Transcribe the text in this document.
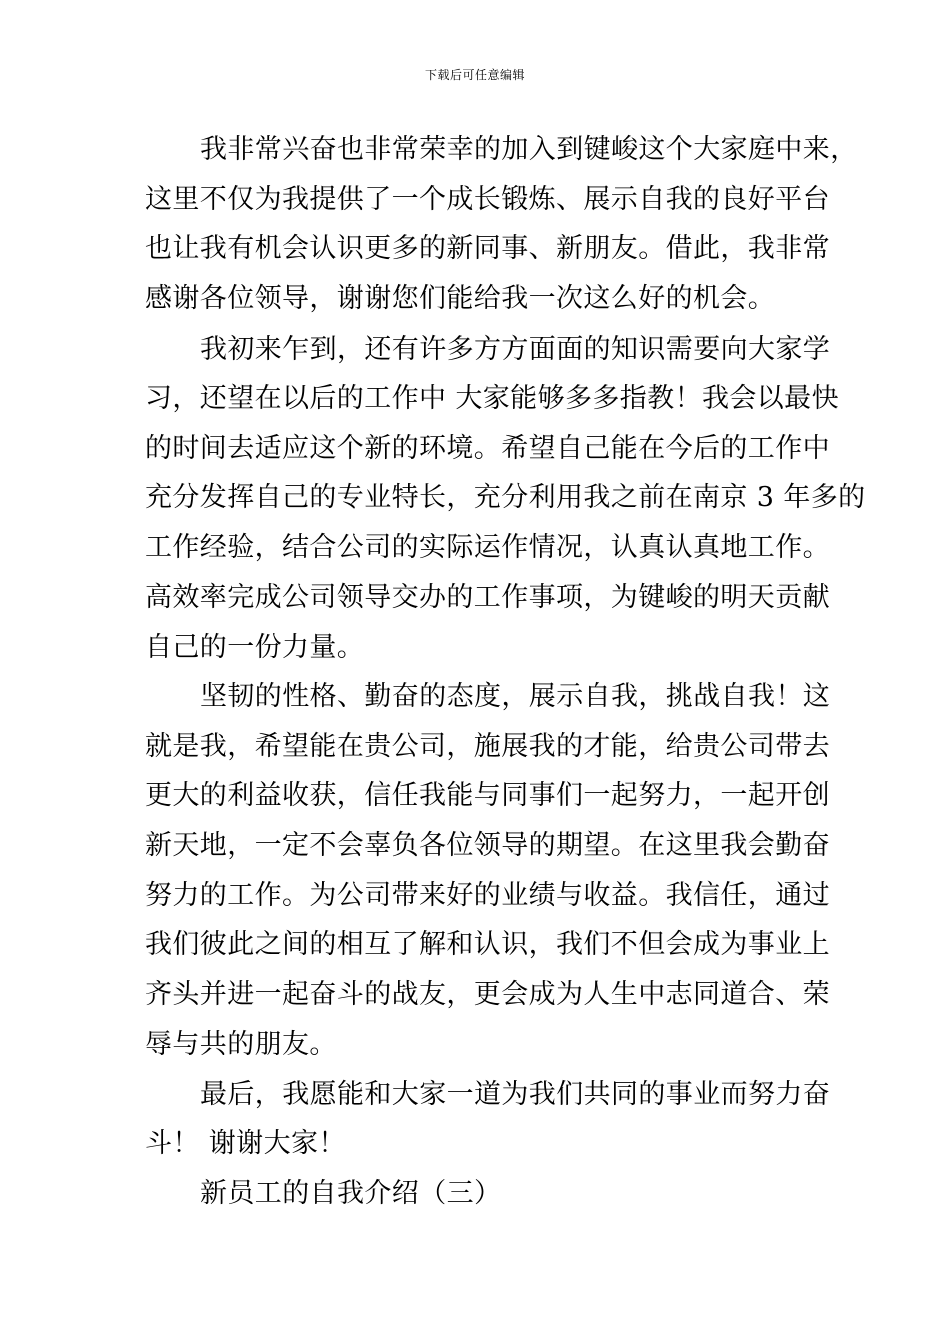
下载后可任意编辑
我非常兴奋也非常荣幸的加入到键峻这个大家庭中来，
这里不仅为我提供了一个成长锻炼、展示自我的良好平台
也让我有机会认识更多的新同事、新朋友。借此，我非常
感谢各位领导，谢谢您们能给我一次这么好的机会。
我初来乍到，还有许多方方面面的知识需要向大家学
习，还望在以后的工作中 大家能够多多指教！我会以最快
的时间去适应这个新的环境。希望自己能在今后的工作中
充分发挥自己的专业特长，充分利用我之前在南京 3 年多的
工作经验，结合公司的实际运作情况，认真认真地工作。
高效率完成公司领导交办的工作事项，为键峻的明天贡献
自己的一份力量。
坚韧的性格、勤奋的态度，展示自我，挑战自我！这
就是我，希望能在贵公司，施展我的才能，给贵公司带去
更大的利益收获，信任我能与同事们一起努力，一起开创
新天地，一定不会辜负各位领导的期望。在这里我会勤奋
努力的工作。为公司带来好的业绩与收益。我信任，通过
我们彼此之间的相互了解和认识，我们不但会成为事业上
齐头并进一起奋斗的战友，更会成为人生中志同道合、荣
辱与共的朋友。
最后，我愿能和大家一道为我们共同的事业而努力奋
斗！ 谢谢大家！
新员工的自我介绍（三）
